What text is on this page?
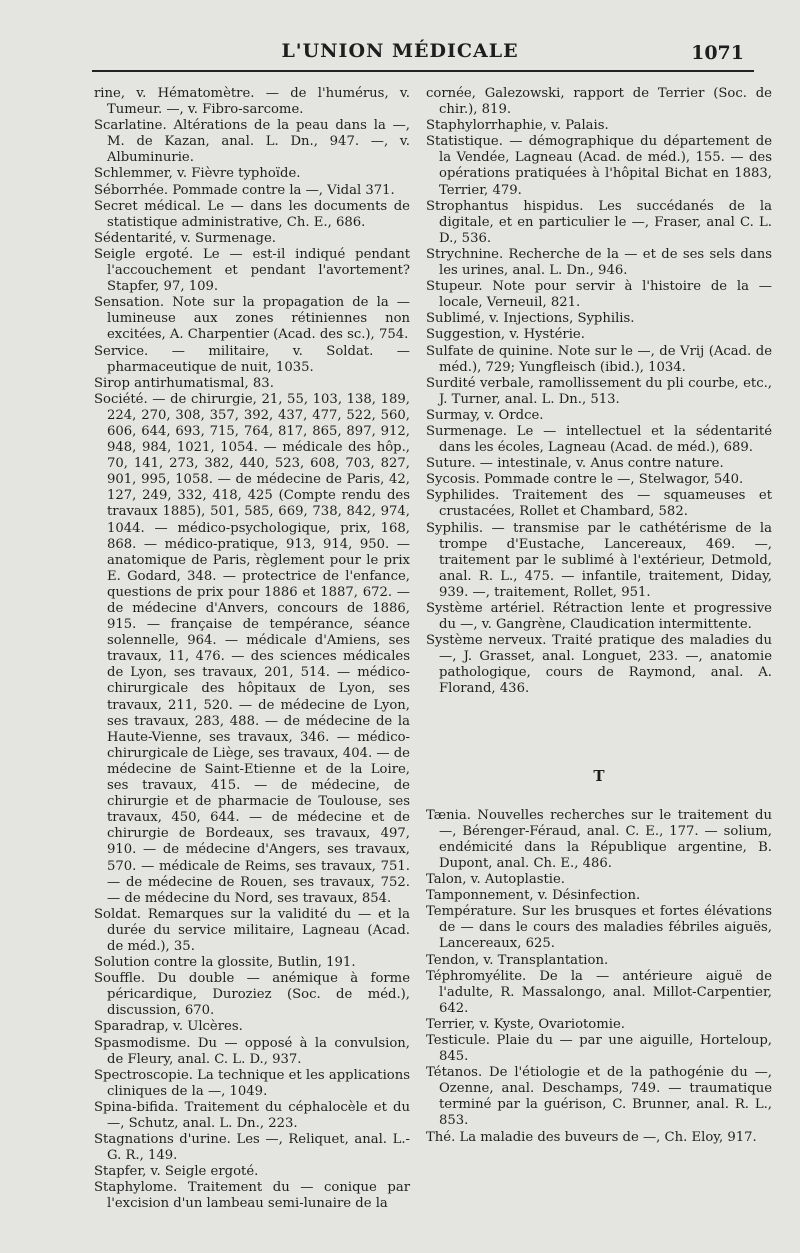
L'UNION MÉDICALE	1071

rine, v. Hématomètre. — de l'humérus, v. Tumeur. —, v. Fibro-sarcome.

Scarlatine. Altérations de la peau dans la —, M. de Kazan, anal. L. Dn., 947. —, v. Albuminurie.

Schlemmer, v. Fièvre typhoïde.

Séborrhée. Pommade contre la —, Vidal 371.

Secret médical. Le — dans les documents de statistique administrative, Ch. E., 686.

Sédentarité, v. Surmenage.

Seigle ergoté. Le — est-il indiqué pendant l'accouchement et pendant l'avortement? Stapfer, 97, 109.

Sensation. Note sur la propagation de la — lumineuse aux zones rétiniennes non excitées, A. Charpentier (Acad. des sc.), 754.

Service. — militaire, v. Soldat. — pharmaceutique de nuit, 1035.

Sirop antirhumatismal, 83.

Société. — de chirurgie, 21, 55, 103, 138, 189, 224, 270, 308, 357, 392, 437, 477, 522, 560, 606, 644, 693, 715, 764, 817, 865, 897, 912, 948, 984, 1021, 1054. — médicale des hôp., 70, 141, 273, 382, 440, 523, 608, 703, 827, 901, 995, 1058. — de médecine de Paris, 42, 127, 249, 332, 418, 425 (Compte rendu des travaux 1885), 501, 585, 669, 738, 842, 974, 1044. — médico-psychologique, prix, 168, 868. — médico-pratique, 913, 914, 950. — anatomique de Paris, règlement pour le prix E. Godard, 348. — protectrice de l'enfance, questions de prix pour 1886 et 1887, 672. — de médecine d'Anvers, concours de 1886, 915. — française de tempérance, séance solennelle, 964. — médicale d'Amiens, ses travaux, 11, 476. — des sciences médicales de Lyon, ses travaux, 201, 514. — médico-chirurgicale des hôpitaux de Lyon, ses travaux, 211, 520. — de médecine de Lyon, ses travaux, 283, 488. — de médecine de la Haute-Vienne, ses travaux, 346. — médico-chirurgicale de Liège, ses travaux, 404. — de médecine de Saint-Etienne et de la Loire, ses travaux, 415. — de médecine, de chirurgie et de pharmacie de Toulouse, ses travaux, 450, 644. — de médecine et de chirurgie de Bordeaux, ses travaux, 497, 910. — de médecine d'Angers, ses travaux, 570. — médicale de Reims, ses travaux, 751. — de médecine de Rouen, ses travaux, 752. — de médecine du Nord, ses travaux, 854.

Soldat. Remarques sur la validité du — et la durée du service militaire, Lagneau (Acad. de méd.), 35.

Solution contre la glossite, Butlin, 191.

Souffle. Du double — anémique à forme péricardique, Duroziez (Soc. de méd.), discussion, 670.

Sparadrap, v. Ulcères.

Spasmodisme. Du — opposé à la convulsion, de Fleury, anal. C. L. D., 937.

Spectroscopie. La technique et les applications cliniques de la —, 1049.

Spina-bifida. Traitement du céphalocèle et du —, Schutz, anal. L. Dn., 223.

Stagnations d'urine. Les —, Reliquet, anal. L.-G. R., 149.

Stapfer, v. Seigle ergoté.

Staphylome. Traitement du — conique par l'excision d'un lambeau semi-lunaire de la

cornée, Galezowski, rapport de Terrier (Soc. de chir.), 819.

Staphylorrhaphie, v. Palais.

Statistique. — démographique du département de la Vendée, Lagneau (Acad. de méd.), 155. — des opérations pratiquées à l'hôpital Bichat en 1883, Terrier, 479.

Strophantus hispidus. Les succédanés de la digitale, et en particulier le —, Fraser, anal C. L. D., 536.

Strychnine. Recherche de la — et de ses sels dans les urines, anal. L. Dn., 946.

Stupeur. Note pour servir à l'histoire de la — locale, Verneuil, 821.

Sublimé, v. Injections, Syphilis.

Suggestion, v. Hystérie.

Sulfate de quinine. Note sur le —, de Vrij (Acad. de méd.), 729; Yungfleisch (ibid.), 1034.

Surdité verbale, ramollissement du pli courbe, etc., J. Turner, anal. L. Dn., 513.

Surmay, v. Ordce.

Surmenage. Le — intellectuel et la sédentarité dans les écoles, Lagneau (Acad. de méd.), 689.

Suture. — intestinale, v. Anus contre nature.

Sycosis. Pommade contre le —, Stelwagor, 540.

Syphilides. Traitement des — squameuses et crustacées, Rollet et Chambard, 582.

Syphilis. — transmise par le cathétérisme de la trompe d'Eustache, Lancereaux, 469. —, traitement par le sublimé à l'extérieur, Detmold, anal. R. L., 475. — infantile, traitement, Diday, 939. —, traitement, Rollet, 951.

Système artériel. Rétraction lente et progressive du —, v. Gangrène, Claudication intermittente.

Système nerveux. Traité pratique des maladies du —, J. Grasset, anal. Longuet, 233. —, anatomie pathologique, cours de Raymond, anal. A. Florand, 436.

T

Tænia. Nouvelles recherches sur le traitement du —, Bérenger-Féraud, anal. C. E., 177. — solium, endémicité dans la République argentine, B. Dupont, anal. Ch. E., 486.

Talon, v. Autoplastie.

Tamponnement, v. Désinfection.

Température. Sur les brusques et fortes élévations de — dans le cours des maladies fébriles aiguës, Lancereaux, 625.

Tendon, v. Transplantation.

Téphromyélite. De la — antérieure aiguë de l'adulte, R. Massalongo, anal. Millot-Carpentier, 642.

Terrier, v. Kyste, Ovariotomie.

Testicule. Plaie du — par une aiguille, Horteloup, 845.

Tétanos. De l'étiologie et de la pathogénie du —, Ozenne, anal. Deschamps, 749. — traumatique terminé par la guérison, C. Brunner, anal. R. L., 853.

Thé. La maladie des buveurs de —, Ch. Eloy, 917.
